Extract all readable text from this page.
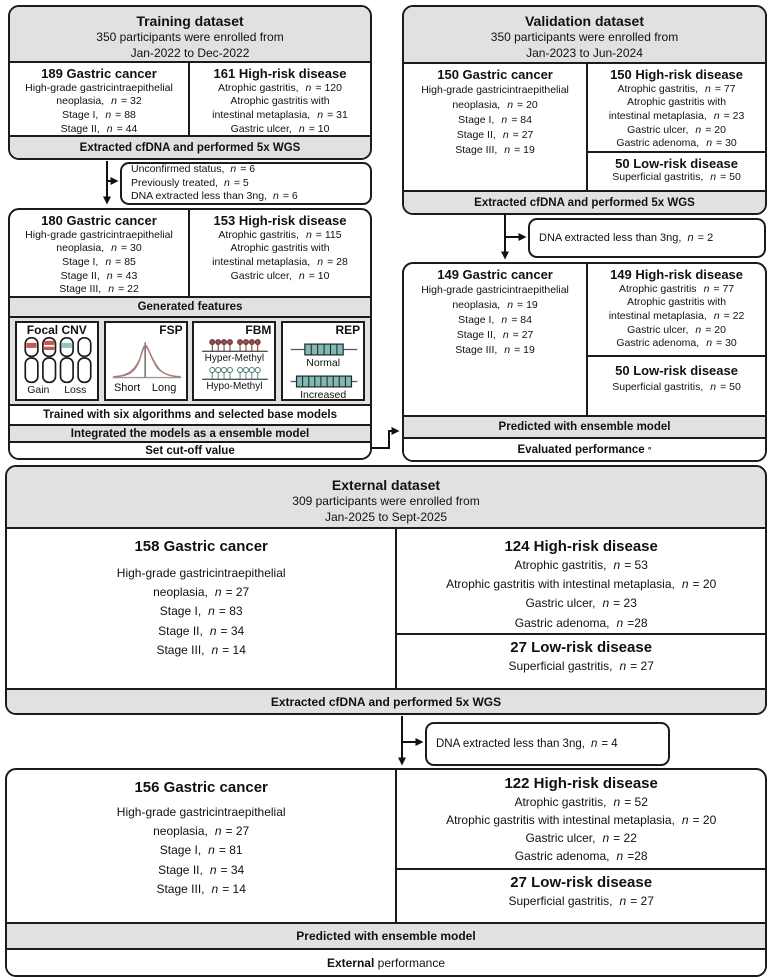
Training dataset
350 participants were enrolled from
Jan-2022 to Dec-2022
189 Gastric cancer
High-grade gastricintraepithelial
neoplasia, n = 32
Stage I, n = 88
Stage II, n = 44
161 High-risk disease
Atrophic gastritis, n = 120
Atrophic gastritis with
intestinal metaplasia, n = 31
Gastric ulcer, n = 10
Extracted cfDNA and performed 5x WGS
Unconfirmed status, n = 6
Previously treated, n = 5
DNA extracted less than 3ng, n = 6
180 Gastric cancer
High-grade gastricintraepithelial
neoplasia, n = 30
Stage I, n = 85
Stage II, n = 43
Stage III, n = 22
153 High-risk disease
Atrophic gastritis, n = 115
Atrophic gastritis with
intestinal metaplasia, n = 28
Gastric ulcer, n = 10
Generated features
Focal CNV
Gain	Loss
FSP
Short	Long
FBM
Hyper-Methyl
Hypo-Methyl
REP
Normal
Increased
Trained with six algorithms and selected base models
Integrated the models as a ensemble model
Set cut-off value
Validation dataset
350 participants were enrolled from
Jan-2023 to Jun-2024
150 Gastric cancer
High-grade gastricintraepithelial
neoplasia, n = 20
Stage I, n = 84
Stage II, n = 27
Stage III, n = 19
150 High-risk disease
Atrophic gastritis, n = 77
Atrophic gastritis with
intestinal metaplasia, n = 23
Gastric ulcer, n = 20
Gastric adenoma, n = 30
50 Low-risk disease
Superficial gastritis, n = 50
Extracted cfDNA and performed 5x WGS
DNA extracted less than 3ng, n = 2
149 Gastric cancer
High-grade gastricintraepithelial
neoplasia, n = 19
Stage I, n = 84
Stage II, n = 27
Stage III, n = 19
149 High-risk disease
Atrophic gastritis n = 77
Atrophic gastritis with
intestinal metaplasia, n = 22
Gastric ulcer, n = 20
Gastric adenoma, n = 30
50 Low-risk disease
Superficial gastritis, n = 50
Predicted with ensemble model
Evaluated performance
°
External dataset
309 participants were enrolled from
Jan-2025 to Sept-2025
158 Gastric cancer
High-grade gastricintraepithelial
neoplasia, n = 27
Stage I, n = 83
Stage II, n = 34
Stage III, n = 14
124 High-risk disease
Atrophic gastritis, n = 53
Atrophic gastritis with intestinal metaplasia, n = 20
Gastric ulcer, n = 23
Gastric adenoma, n =28
27 Low-risk disease
Superficial gastritis, n = 27
Extracted cfDNA and performed 5x WGS
DNA extracted less than 3ng, n = 4
156 Gastric cancer
High-grade gastricintraepithelial
neoplasia, n = 27
Stage I, n = 81
Stage II, n = 34
Stage III, n = 14
122 High-risk disease
Atrophic gastritis, n = 52
Atrophic gastritis with intestinal metaplasia, n = 20
Gastric ulcer, n = 22
Gastric adenoma, n =28
27 Low-risk disease
Superficial gastritis, n = 27
Predicted with ensemble model
External
performance
